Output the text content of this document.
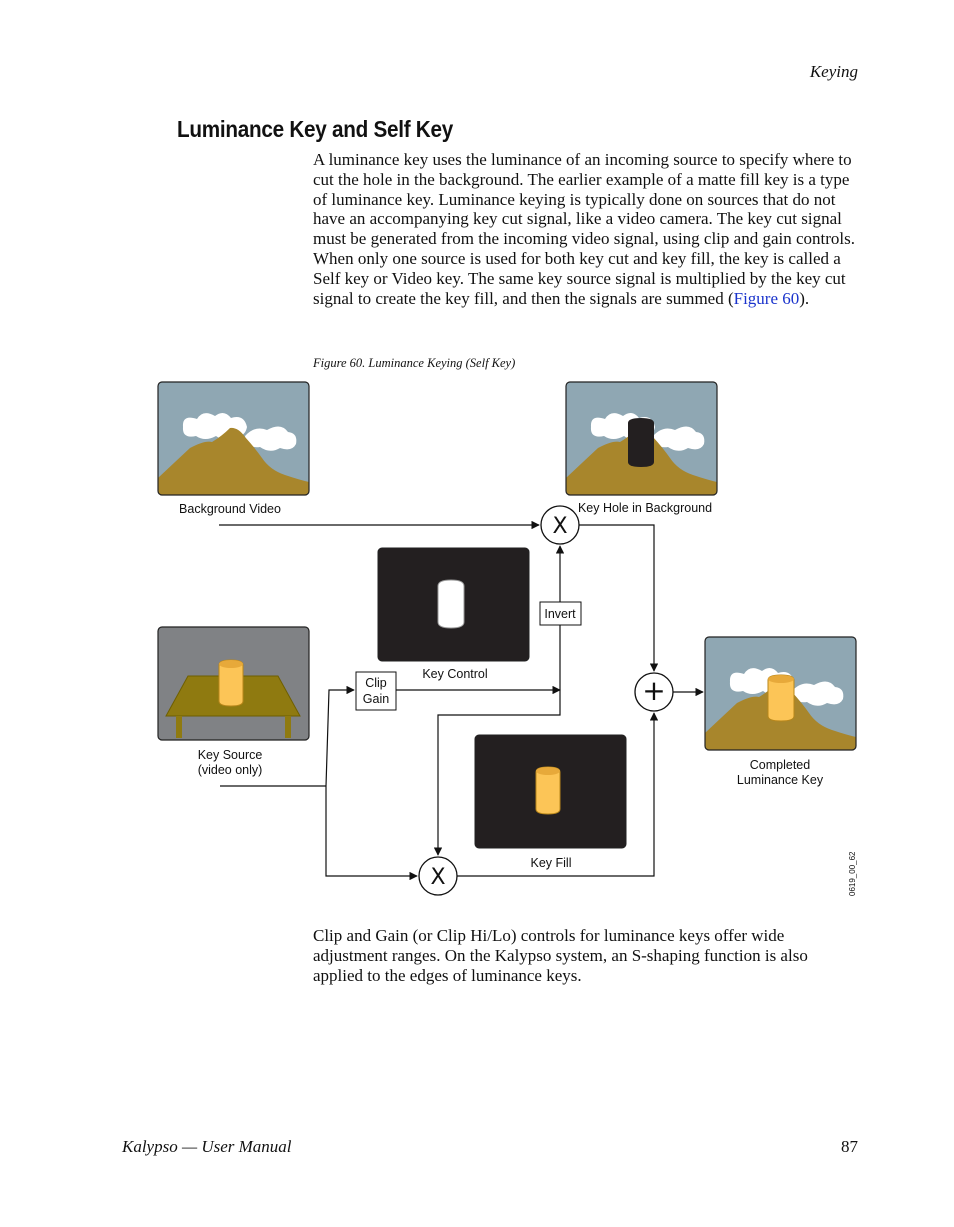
Keying
Luminance Key and Self Key

A luminance key uses the luminance of an incoming source to specify where to cut the hole in the background. The earlier example of a matte fill key is a type of luminance key. Luminance keying is typically done on sources that do not have an accompanying key cut signal, like a video camera. The key cut signal must be generated from the incoming video signal, using clip and gain controls. When only one source is used for both key cut and key fill, the key is called a Self key or Video key. The same key source signal is multiplied by the key cut signal to create the key fill, and then the signals are summed (Figure 60).

Figure 60. Luminance Keying (Self Key)
Background Video	Key Hole in Background
Key Control
Key Source
(video only)	Completed
Luminance Key
Key Fill
X
+
X
Invert
Clip
Gain
0619_00_62

Clip and Gain (or Clip Hi/Lo) controls for luminance keys offer wide adjustment ranges. On the Kalypso system, an S-shaping function is also applied to the edges of luminance keys.

Kalypso — User Manual	87
